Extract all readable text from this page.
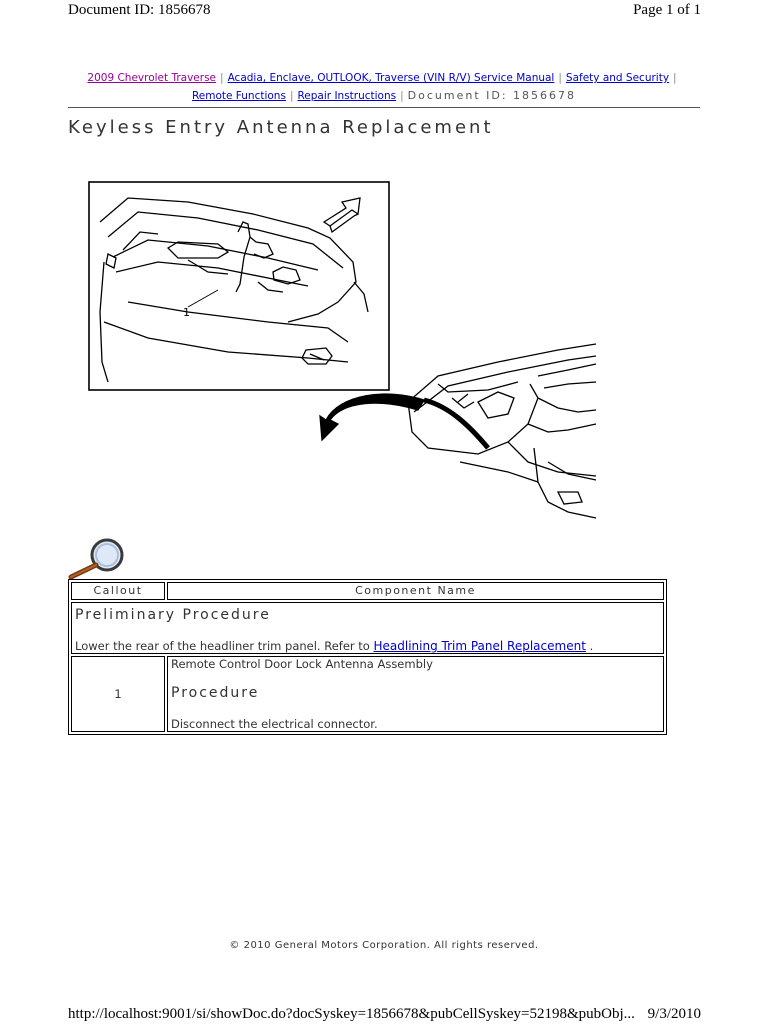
Document ID: 1856678	Page 1 of 1
2009 Chevrolet Traverse | Acadia, Enclave, OUTLOOK, Traverse (VIN R/V) Service Manual | Safety and Security |
Remote Functions | Repair Instructions | Document ID: 1856678
Keyless Entry Antenna Replacement
1
Callout	Component Name

Preliminary Procedure
Lower the rear of the headliner trim panel. Refer to Headlining Trim Panel Replacement .	
1	Remote Control Door Lock Antenna Assembly
Procedure
Disconnect the electrical connector.
© 2010 General Motors Corporation. All rights reserved.
http://localhost:9001/si/showDoc.do?docSyskey=1856678&pubCellSyskey=52198&pubObj... 9/3/2010
